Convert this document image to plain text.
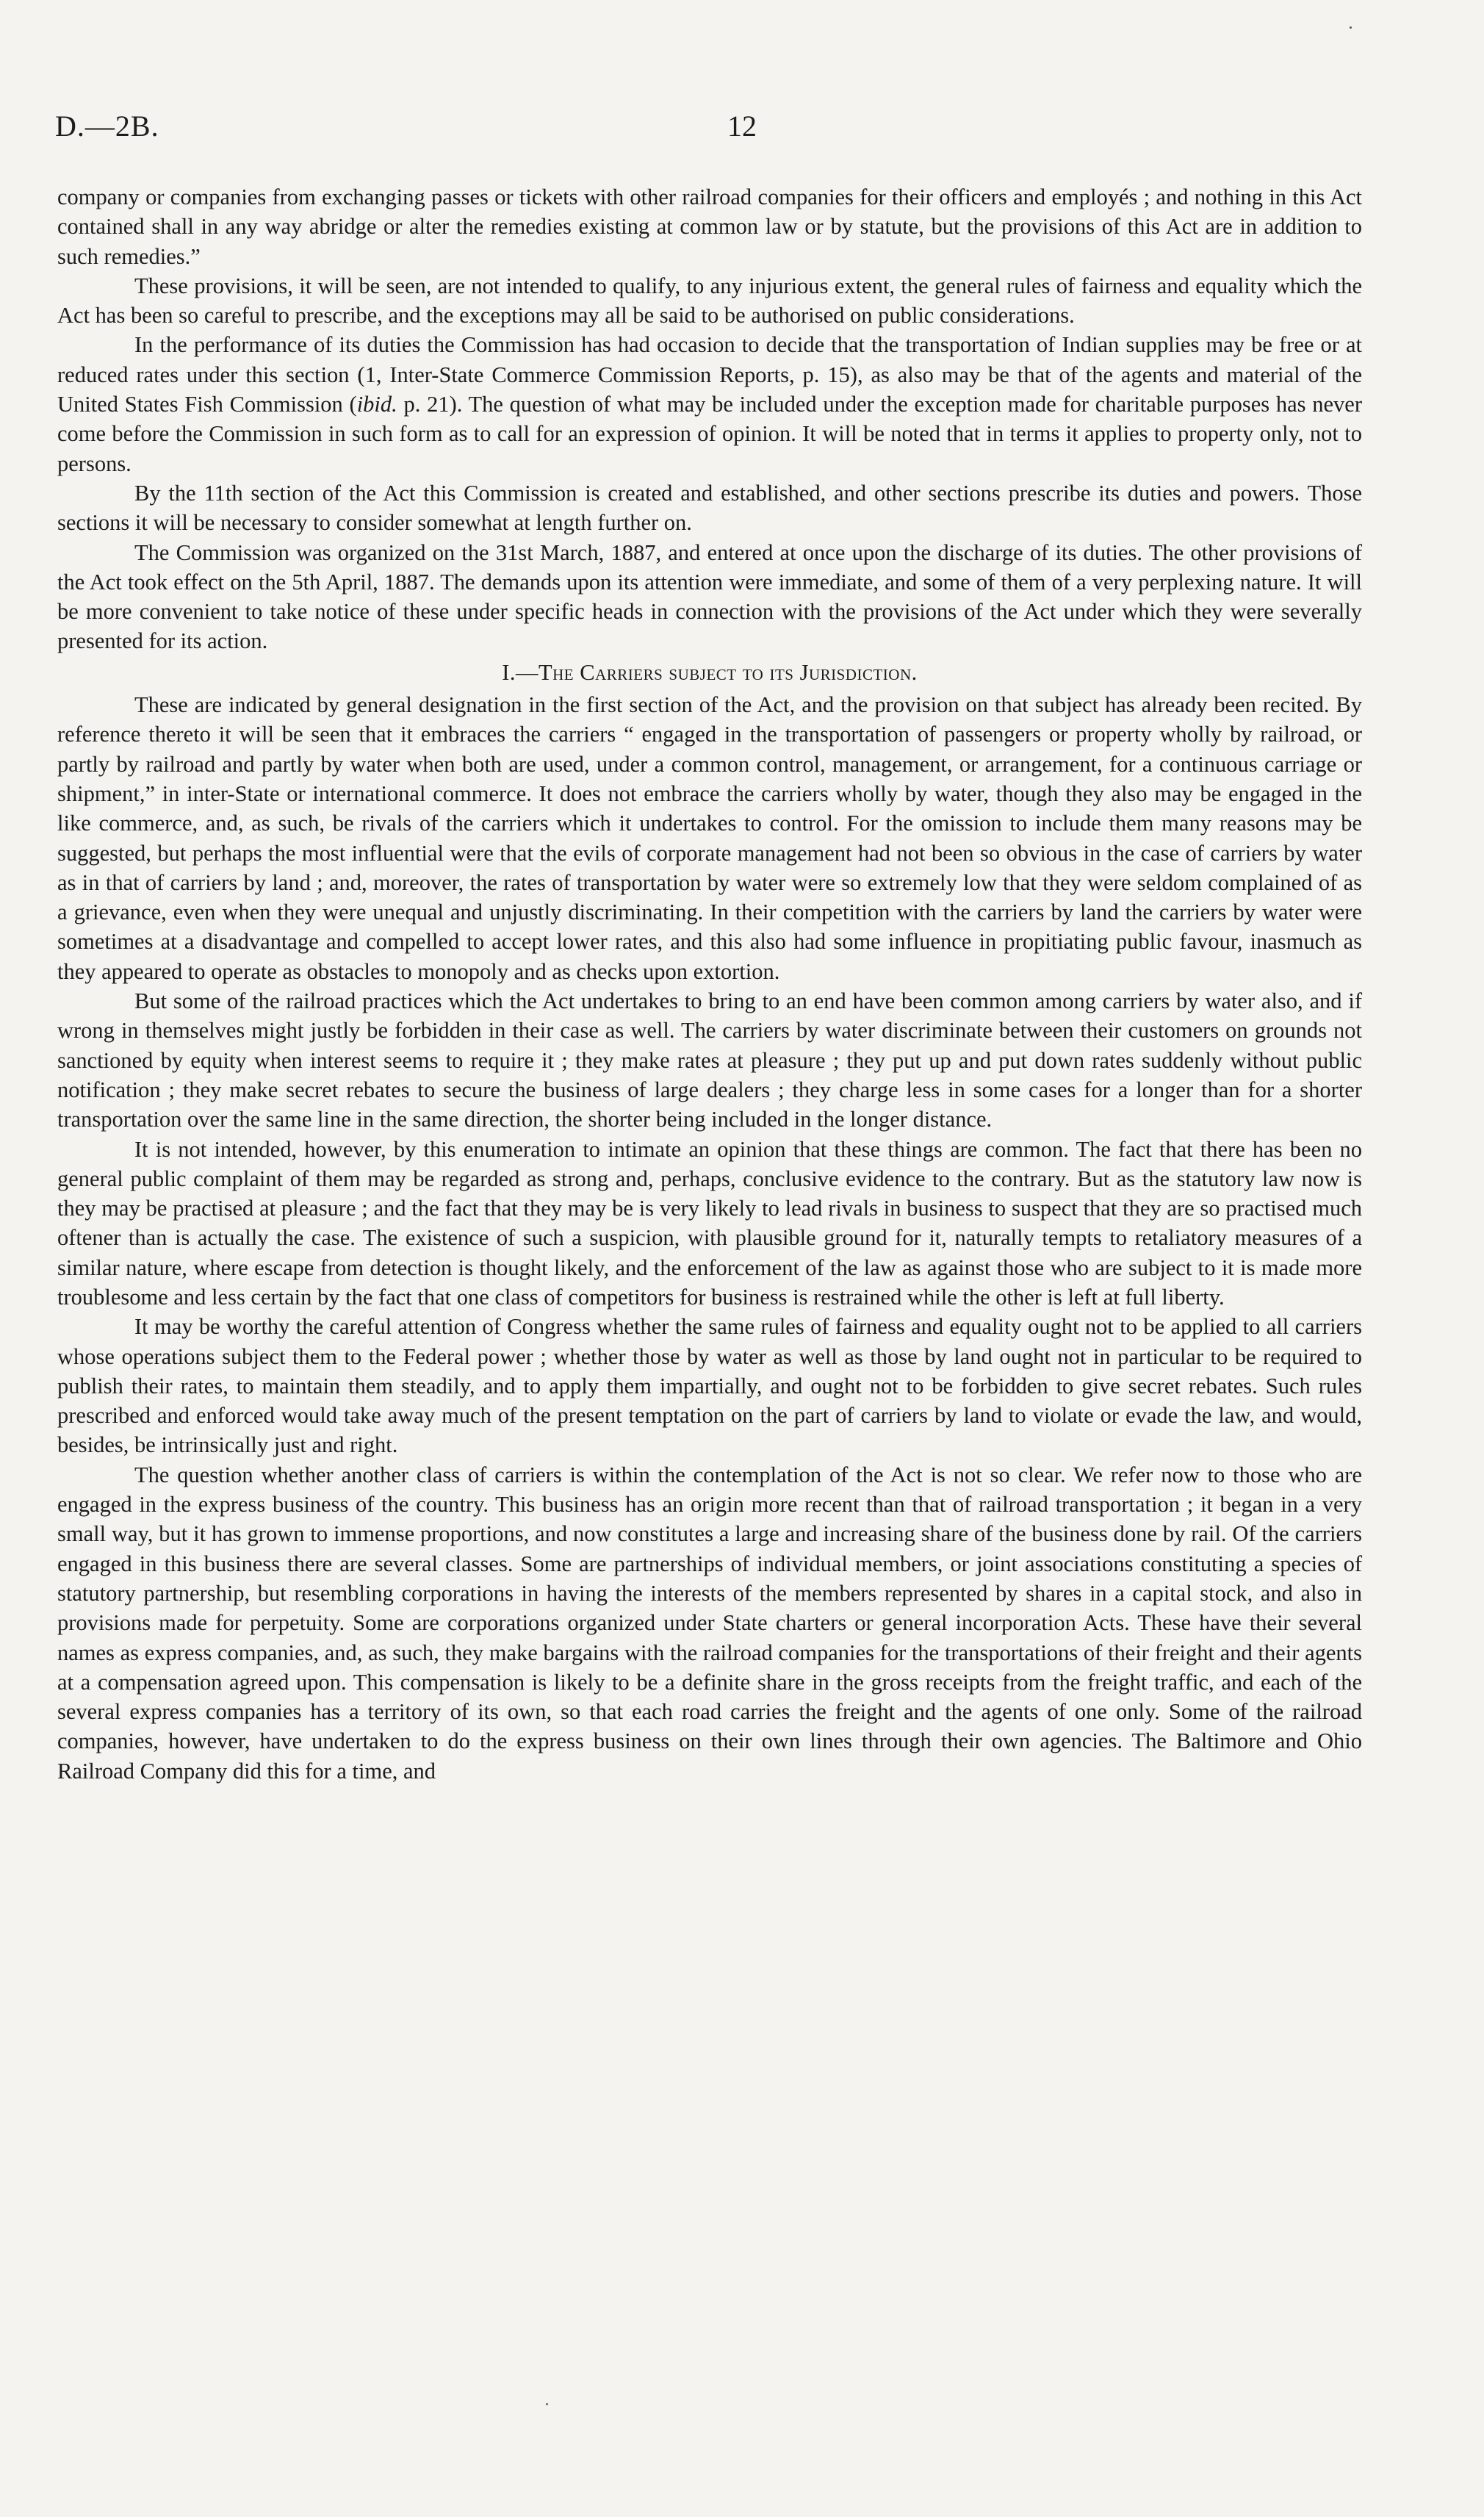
D.—2B.	12

company or companies from exchanging passes or tickets with other railroad companies for their officers and employés ; and nothing in this Act contained shall in any way abridge or alter the remedies existing at common law or by statute, but the provisions of this Act are in addition to such remedies.”

These provisions, it will be seen, are not intended to qualify, to any injurious extent, the general rules of fairness and equality which the Act has been so careful to prescribe, and the exceptions may all be said to be authorised on public considerations.

In the performance of its duties the Commission has had occasion to decide that the transportation of Indian supplies may be free or at reduced rates under this section (1, Inter-State Commerce Commission Reports, p. 15), as also may be that of the agents and material of the United States Fish Commission (ibid. p. 21). The question of what may be included under the exception made for charitable purposes has never come before the Commission in such form as to call for an expression of opinion. It will be noted that in terms it applies to property only, not to persons.

By the 11th section of the Act this Commission is created and established, and other sections prescribe its duties and powers. Those sections it will be necessary to consider somewhat at length further on.

The Commission was organized on the 31st March, 1887, and entered at once upon the discharge of its duties. The other provisions of the Act took effect on the 5th April, 1887. The demands upon its attention were immediate, and some of them of a very perplexing nature. It will be more convenient to take notice of these under specific heads in connection with the provisions of the Act under which they were severally presented for its action.

I.—The Carriers subject to its Jurisdiction.

These are indicated by general designation in the first section of the Act, and the provision on that subject has already been recited. By reference thereto it will be seen that it embraces the carriers “ engaged in the transportation of passengers or property wholly by railroad, or partly by railroad and partly by water when both are used, under a common control, management, or arrangement, for a continuous carriage or shipment,” in inter-State or international commerce. It does not embrace the carriers wholly by water, though they also may be engaged in the like commerce, and, as such, be rivals of the carriers which it undertakes to control. For the omission to include them many reasons may be suggested, but perhaps the most influential were that the evils of corporate management had not been so obvious in the case of carriers by water as in that of carriers by land ; and, moreover, the rates of transportation by water were so extremely low that they were seldom complained of as a grievance, even when they were unequal and unjustly discriminating. In their competition with the carriers by land the carriers by water were sometimes at a disadvantage and compelled to accept lower rates, and this also had some influence in propitiating public favour, inasmuch as they appeared to operate as obstacles to monopoly and as checks upon extortion.

But some of the railroad practices which the Act undertakes to bring to an end have been common among carriers by water also, and if wrong in themselves might justly be forbidden in their case as well. The carriers by water discriminate between their customers on grounds not sanctioned by equity when interest seems to require it ; they make rates at pleasure ; they put up and put down rates suddenly without public notification ; they make secret rebates to secure the business of large dealers ; they charge less in some cases for a longer than for a shorter transportation over the same line in the same direction, the shorter being included in the longer distance.

It is not intended, however, by this enumeration to intimate an opinion that these things are common. The fact that there has been no general public complaint of them may be regarded as strong and, perhaps, conclusive evidence to the contrary. But as the statutory law now is they may be practised at pleasure ; and the fact that they may be is very likely to lead rivals in business to suspect that they are so practised much oftener than is actually the case. The existence of such a suspicion, with plausible ground for it, naturally tempts to retaliatory measures of a similar nature, where escape from detection is thought likely, and the enforcement of the law as against those who are subject to it is made more troublesome and less certain by the fact that one class of competitors for business is restrained while the other is left at full liberty.

It may be worthy the careful attention of Congress whether the same rules of fairness and equality ought not to be applied to all carriers whose operations subject them to the Federal power ; whether those by water as well as those by land ought not in particular to be required to publish their rates, to maintain them steadily, and to apply them impartially, and ought not to be forbidden to give secret rebates. Such rules prescribed and enforced would take away much of the present temptation on the part of carriers by land to violate or evade the law, and would, besides, be intrinsically just and right.

The question whether another class of carriers is within the contemplation of the Act is not so clear. We refer now to those who are engaged in the express business of the country. This business has an origin more recent than that of railroad transportation ; it began in a very small way, but it has grown to immense proportions, and now constitutes a large and increasing share of the business done by rail. Of the carriers engaged in this business there are several classes. Some are partnerships of individual members, or joint associations constituting a species of statutory partnership, but resembling corporations in having the interests of the members represented by shares in a capital stock, and also in provisions made for perpetuity. Some are corporations organized under State charters or general incorporation Acts. These have their several names as express companies, and, as such, they make bargains with the railroad companies for the transportations of their freight and their agents at a compensation agreed upon. This compensation is likely to be a definite share in the gross receipts from the freight traffic, and each of the several express companies has a territory of its own, so that each road carries the freight and the agents of one only. Some of the railroad companies, however, have undertaken to do the express business on their own lines through their own agencies. The Baltimore and Ohio Railroad Company did this for a time, and
